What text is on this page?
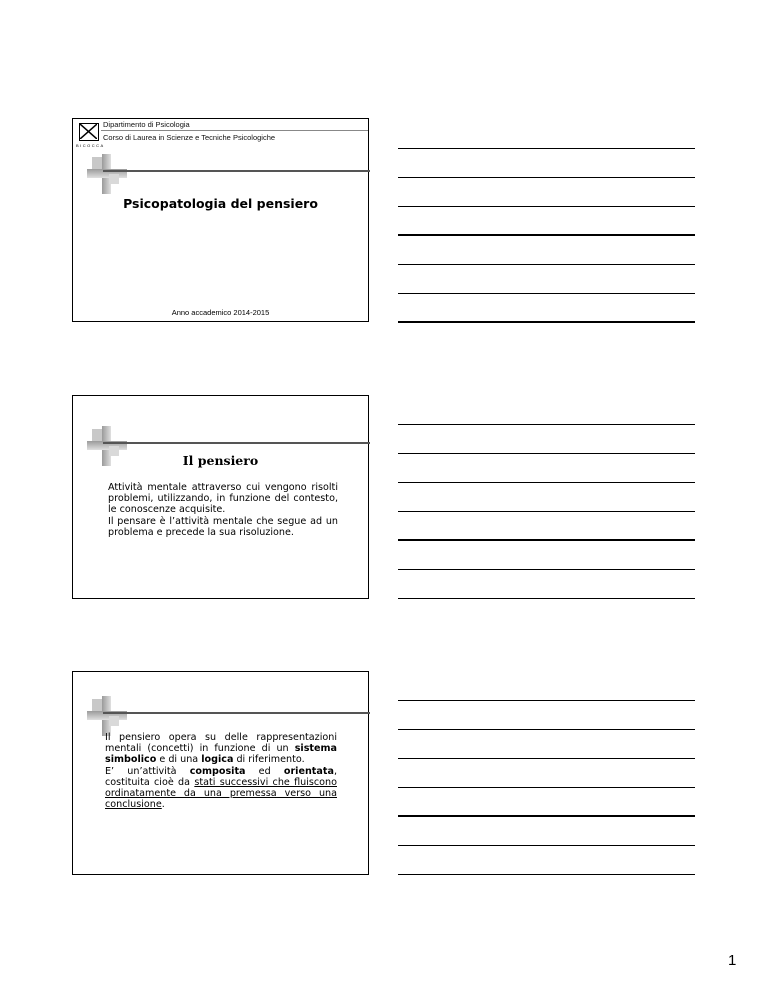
BICOCCA
Dipartimento di Psicologia
Corso di Laurea in Scienze e Tecniche Psicologiche
Psicopatologia del pensiero
Anno accademico 2014-2015
Il pensiero
Attività mentale attraverso cui vengono risolti problemi, utilizzando, in funzione del contesto, le conoscenze acquisite.
Il pensare è l’attività mentale che segue ad un problema e precede la sua risoluzione.
Il pensiero opera su delle rappresentazioni mentali (concetti) in funzione di un sistema simbolico e di una logica di riferimento.
E’ un’attività composita ed orientata, costituita cioè da stati successivi che fluiscono ordinatamente da una premessa verso una conclusione.
1
